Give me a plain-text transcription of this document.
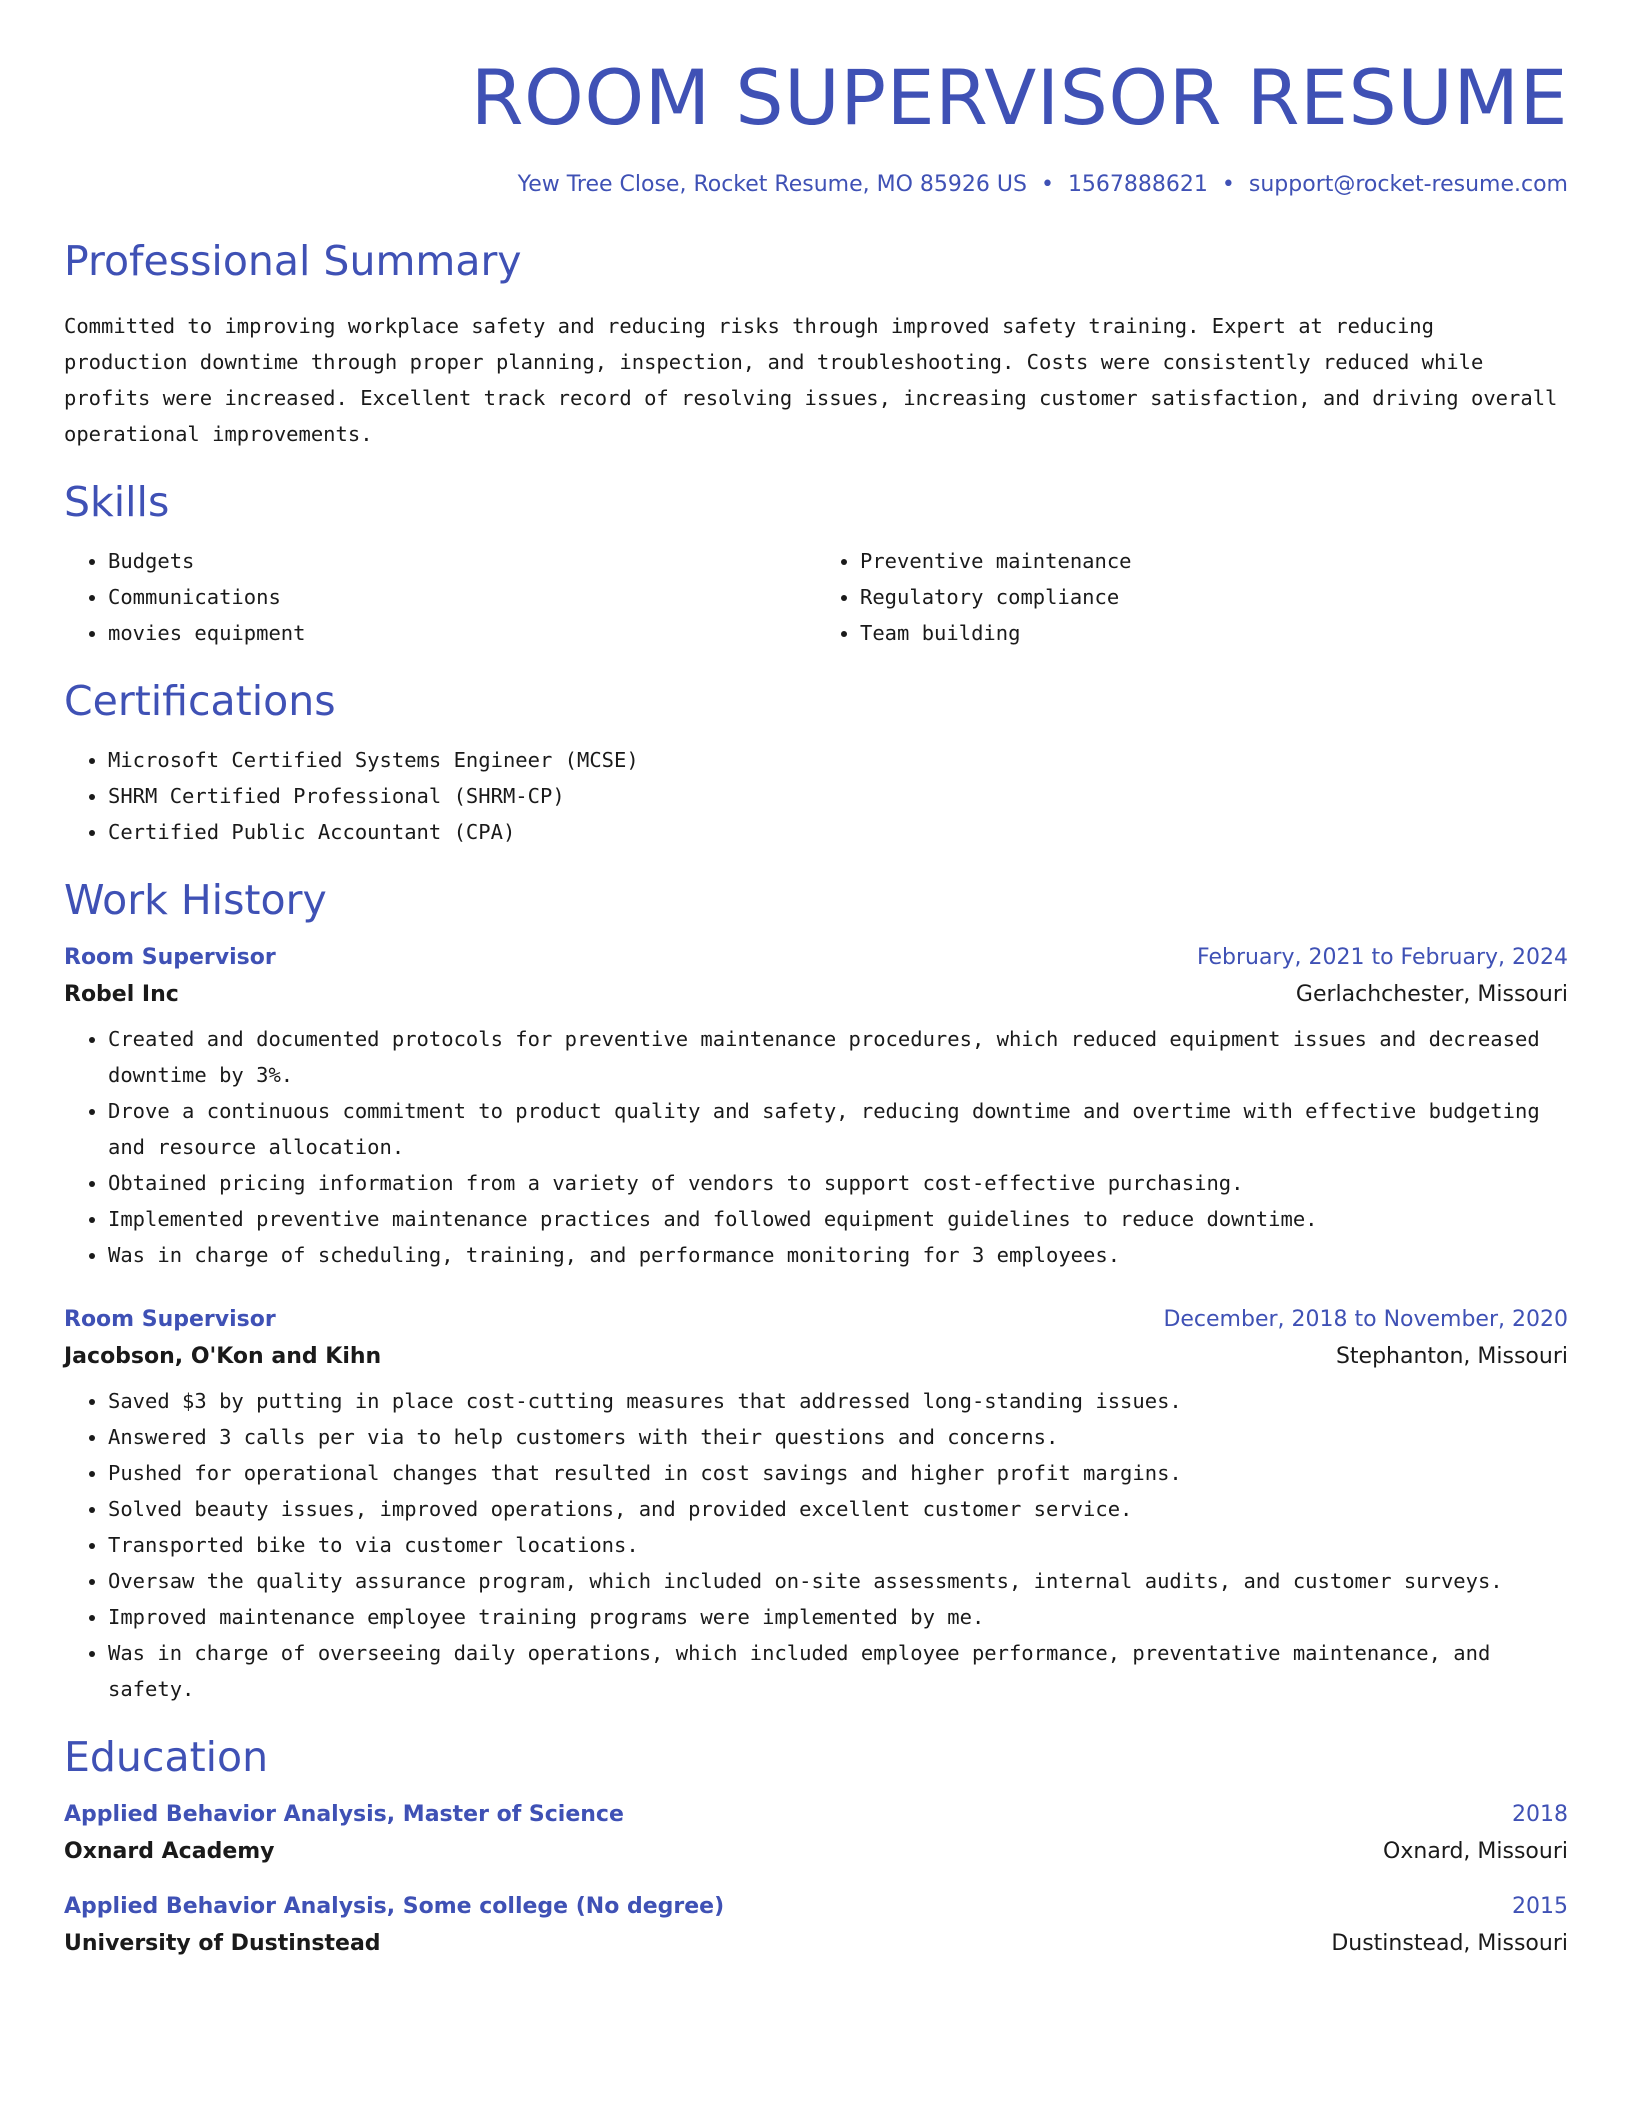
ROOM SUPERVISOR RESUME
Yew Tree Close, Rocket Resume, MO 85926 US • 1567888621 • support@rocket-resume.com
Professional Summary
Committed to improving workplace safety and reducing risks through improved safety training. Expert at reducing production downtime through proper planning, inspection, and troubleshooting. Costs were consistently reduced while profits were increased. Excellent track record of resolving issues, increasing customer satisfaction, and driving overall operational improvements.
Skills
• Budgets
• Communications
• movies equipment
• Preventive maintenance
• Regulatory compliance
• Team building
Certifications
• Microsoft Certified Systems Engineer (MCSE)
• SHRM Certified Professional (SHRM-CP)
• Certified Public Accountant (CPA)
Work History
Room Supervisor	February, 2021 to February, 2024
Robel Inc	Gerlachchester, Missouri
• Created and documented protocols for preventive maintenance procedures, which reduced equipment issues and decreased downtime by 3%.
• Drove a continuous commitment to product quality and safety, reducing downtime and overtime with effective budgeting and resource allocation.
• Obtained pricing information from a variety of vendors to support cost-effective purchasing.
• Implemented preventive maintenance practices and followed equipment guidelines to reduce downtime.
• Was in charge of scheduling, training, and performance monitoring for 3 employees.
Room Supervisor	December, 2018 to November, 2020
Jacobson, O'Kon and Kihn	Stephanton, Missouri
• Saved $3 by putting in place cost-cutting measures that addressed long-standing issues.
• Answered 3 calls per via to help customers with their questions and concerns.
• Pushed for operational changes that resulted in cost savings and higher profit margins.
• Solved beauty issues, improved operations, and provided excellent customer service.
• Transported bike to via customer locations.
• Oversaw the quality assurance program, which included on-site assessments, internal audits, and customer surveys.
• Improved maintenance employee training programs were implemented by me.
• Was in charge of overseeing daily operations, which included employee performance, preventative maintenance, and safety.
Education
Applied Behavior Analysis, Master of Science	2018
Oxnard Academy	Oxnard, Missouri
Applied Behavior Analysis, Some college (No degree)	2015
University of Dustinstead	Dustinstead, Missouri
